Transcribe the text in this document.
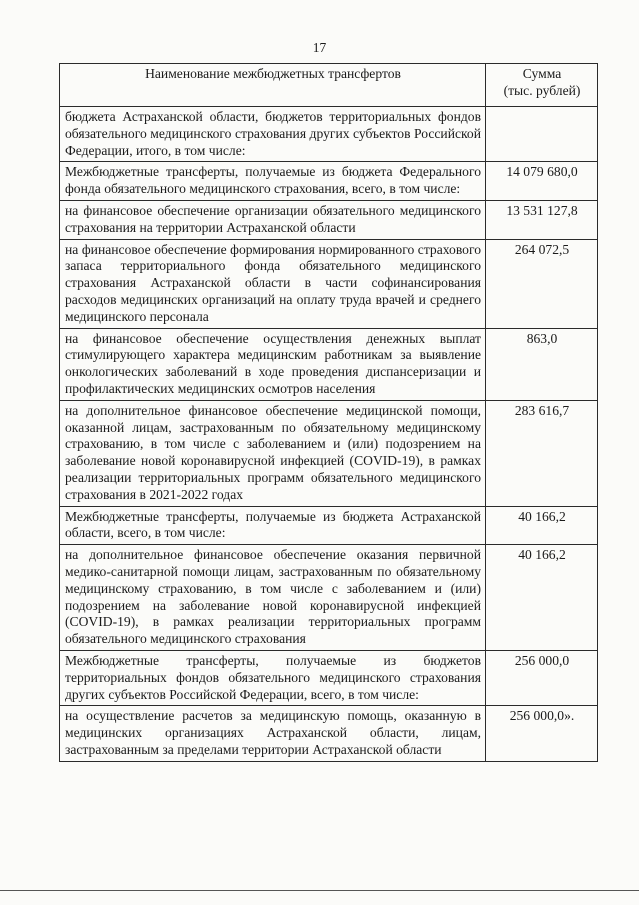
17
Наименование межбюджетных трансфертов	Сумма
(тыс. рублей)

бюджета Астраханской области, бюджетов территориальных фондов обязательного медицинского страхования других субъектов Российской Федерации, итого, в том числе:	
Межбюджетные трансферты, получаемые из бюджета Федерального фонда обязательного медицинского страхования, всего, в том числе:	14 079 680,0
на финансовое обеспечение организации обязательного медицинского страхования на территории Астраханской области	13 531 127,8
на финансовое обеспечение формирования нормированного страхового запаса территориального фонда обязательного медицинского страхования Астраханской области в части софинансирования расходов медицинских организаций на оплату труда врачей и среднего медицинского персонала	264 072,5
на финансовое обеспечение осуществления денежных выплат стимулирующего характера медицинским работникам за выявление онкологических заболеваний в ходе проведения диспансеризации и профилактических медицинских осмотров населения	863,0
на дополнительное финансовое обеспечение медицинской помощи, оказанной лицам, застрахованным по обязательному медицинскому страхованию, в том числе с заболеванием и (или) подозрением на заболевание новой коронавирусной инфекцией (COVID-19), в рамках реализации территориальных программ обязательного медицинского страхования в 2021-2022 годах	283 616,7
Межбюджетные трансферты, получаемые из бюджета Астраханской области, всего, в том числе:	40 166,2
на дополнительное финансовое обеспечение оказания первичной медико-санитарной помощи лицам, застрахованным по обязательному медицинскому страхованию, в том числе с заболеванием и (или) подозрением на заболевание новой коронавирусной инфекцией (COVID-19), в рамках реализации территориальных программ обязательного медицинского страхования	40 166,2
Межбюджетные трансферты, получаемые из бюджетов территориальных фондов обязательного медицинского страхования других субъектов Российской Федерации, всего, в том числе:	256 000,0
на осуществление расчетов за медицинскую помощь, оказанную в медицинских организациях Астраханской области, лицам, застрахованным за пределами территории Астраханской области	256 000,0».
